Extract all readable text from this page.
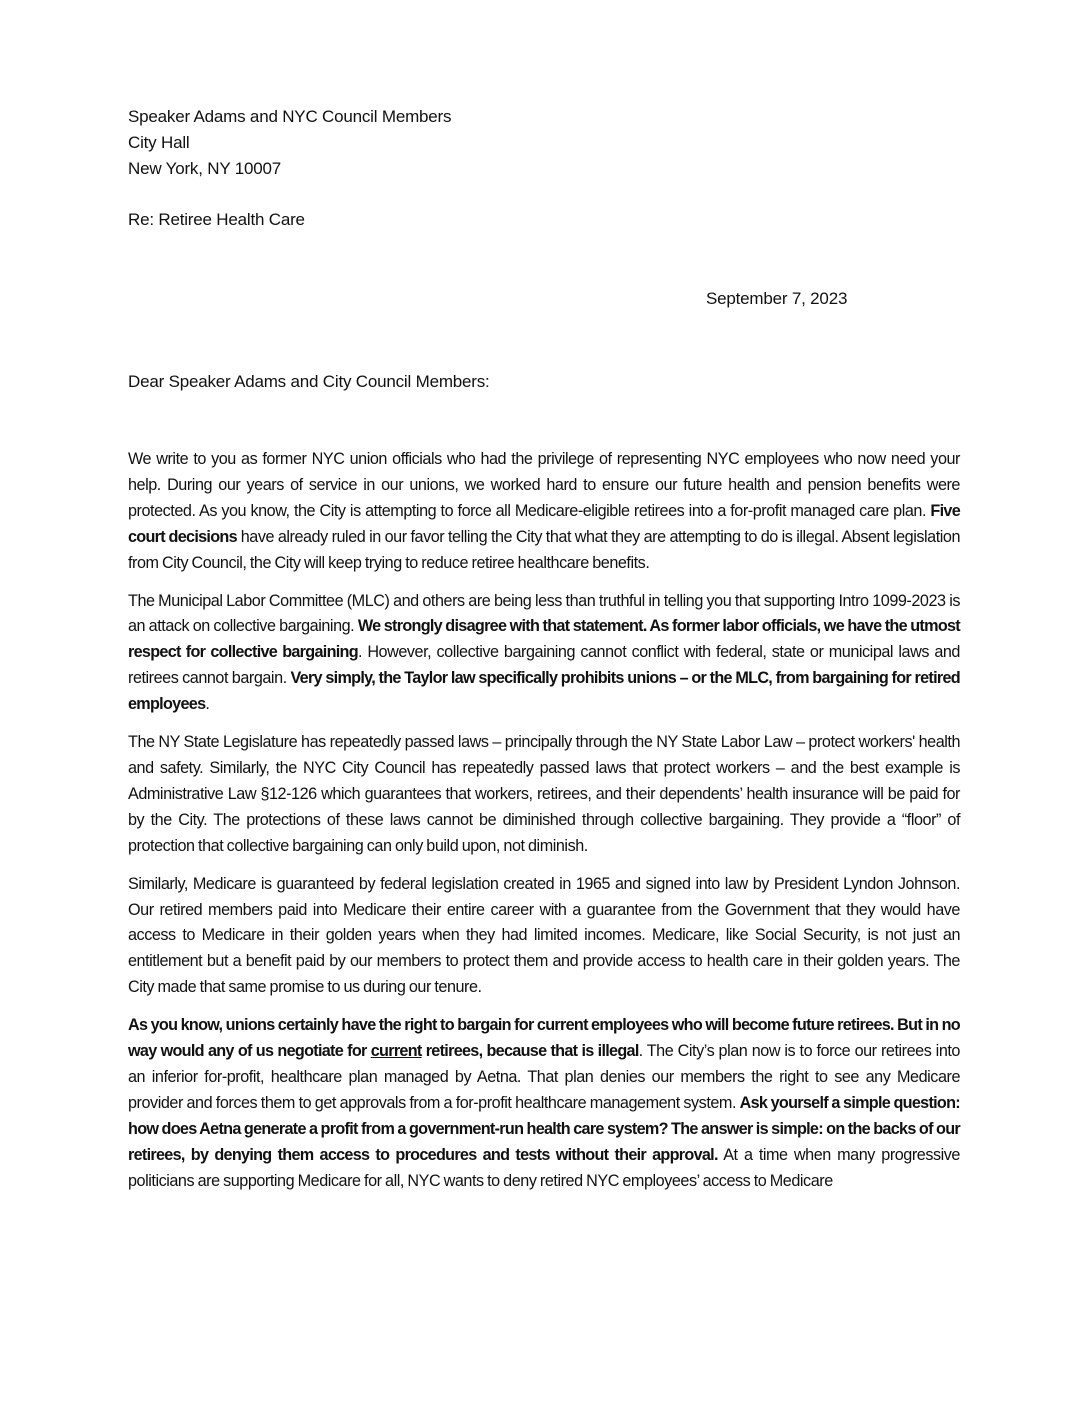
Speaker Adams and NYC Council Members
City Hall
New York, NY 10007
Re: Retiree Health Care
September 7, 2023
Dear Speaker Adams and City Council Members:

We write to you as former NYC union officials who had the privilege of representing NYC employees who now need your help. During our years of service in our unions, we worked hard to ensure our future health and pension benefits were protected. As you know, the City is attempting to force all Medicare-eligible retirees into a for-profit managed care plan. Five court decisions have already ruled in our favor telling the City that what they are attempting to do is illegal. Absent legislation from City Council, the City will keep trying to reduce retiree healthcare benefits.

The Municipal Labor Committee (MLC) and others are being less than truthful in telling you that supporting Intro 1099-2023 is an attack on collective bargaining. We strongly disagree with that statement. As former labor officials, we have the utmost respect for collective bargaining. However, collective bargaining cannot conflict with federal, state or municipal laws and retirees cannot bargain. Very simply, the Taylor law specifically prohibits unions – or the MLC, from bargaining for retired employees.

The NY State Legislature has repeatedly passed laws – principally through the NY State Labor Law – protect workers' health and safety. Similarly, the NYC City Council has repeatedly passed laws that protect workers – and the best example is Administrative Law §12-126 which guarantees that workers, retirees, and their dependents’ health insurance will be paid for by the City. The protections of these laws cannot be diminished through collective bargaining. They provide a “floor” of protection that collective bargaining can only build upon, not diminish.

Similarly, Medicare is guaranteed by federal legislation created in 1965 and signed into law by President Lyndon Johnson. Our retired members paid into Medicare their entire career with a guarantee from the Government that they would have access to Medicare in their golden years when they had limited incomes. Medicare, like Social Security, is not just an entitlement but a benefit paid by our members to protect them and provide access to health care in their golden years. The City made that same promise to us during our tenure.

As you know, unions certainly have the right to bargain for current employees who will become future retirees. But in no way would any of us negotiate for current retirees, because that is illegal. The City’s plan now is to force our retirees into an inferior for-profit, healthcare plan managed by Aetna. That plan denies our members the right to see any Medicare provider and forces them to get approvals from a for-profit healthcare management system. Ask yourself a simple question: how does Aetna generate a profit from a government-run health care system? The answer is simple: on the backs of our retirees, by denying them access to procedures and tests without their approval. At a time when many progressive politicians are supporting Medicare for all, NYC wants to deny retired NYC employees’ access to Medicare
